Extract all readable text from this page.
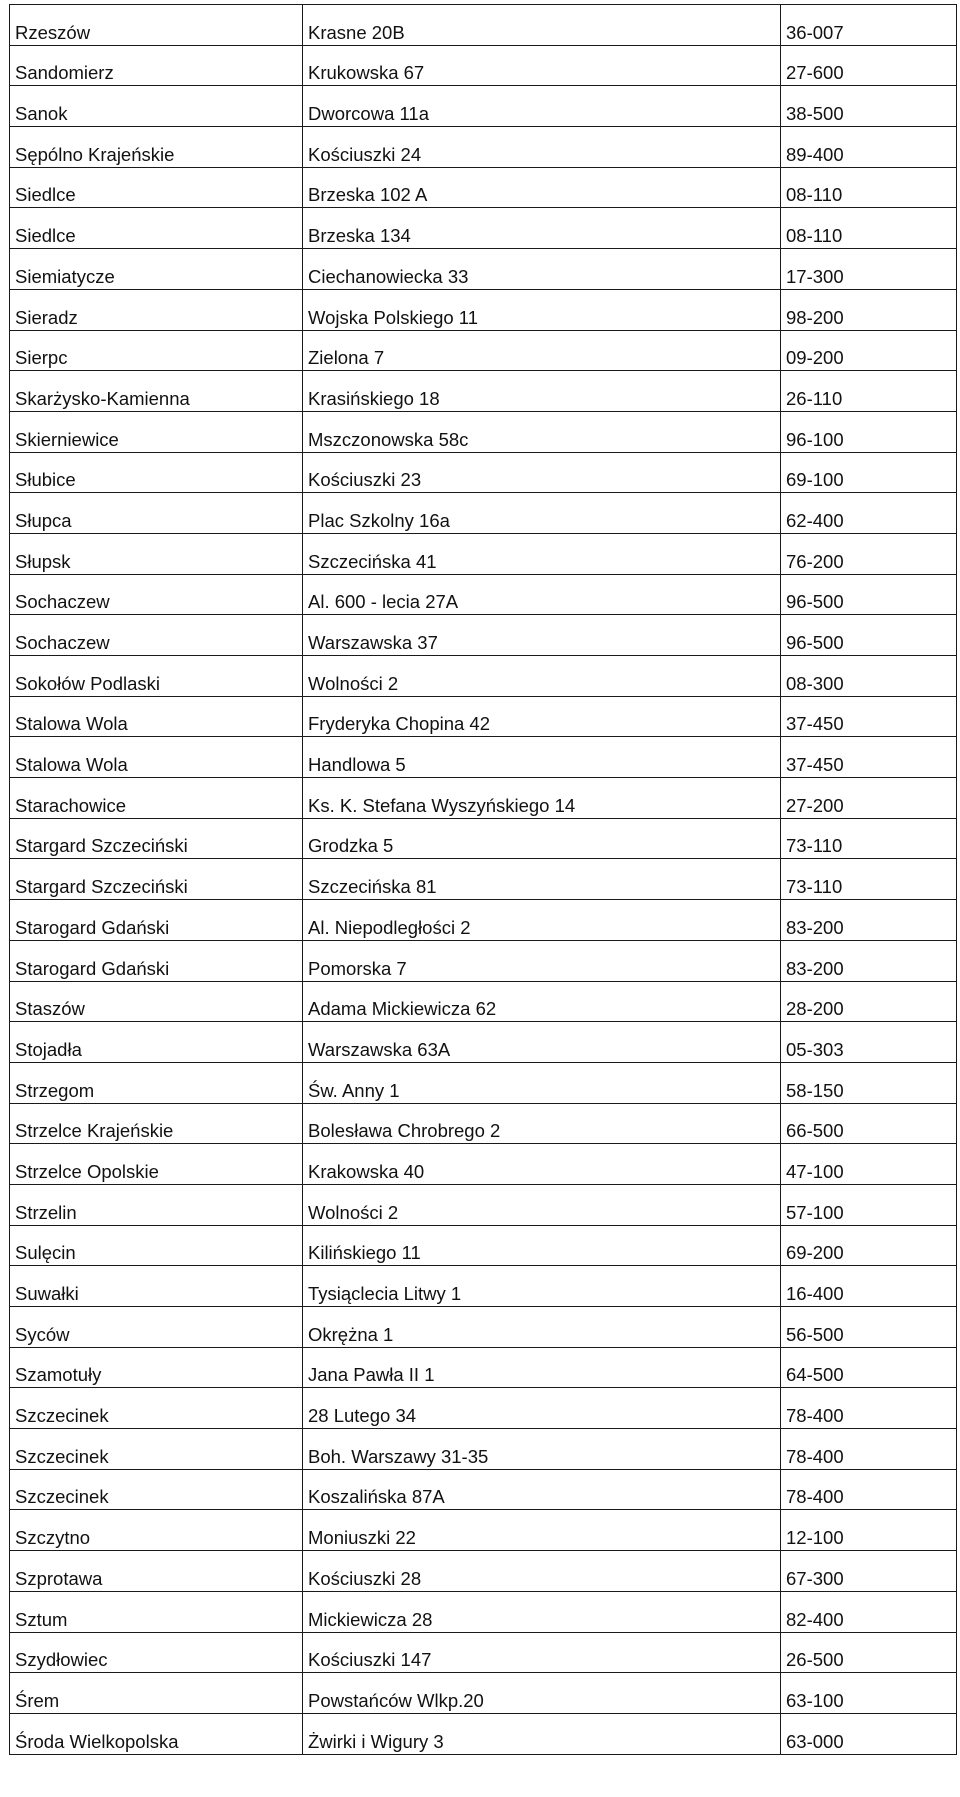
Rzeszów	Krasne 20B	36-007
Sandomierz	Krukowska 67	27-600
Sanok	Dworcowa 11a	38-500
Sępólno Krajeńskie	Kościuszki 24	89-400
Siedlce	Brzeska 102 A	08-110
Siedlce	Brzeska 134	08-110
Siemiatycze	Ciechanowiecka 33	17-300
Sieradz	Wojska Polskiego 11	98-200
Sierpc	Zielona 7	09-200
Skarżysko-Kamienna	Krasińskiego 18	26-110
Skierniewice	Mszczonowska 58c	96-100
Słubice	Kościuszki 23	69-100
Słupca	Plac Szkolny 16a	62-400
Słupsk	Szczecińska 41	76-200
Sochaczew	Al. 600 - lecia 27A	96-500
Sochaczew	Warszawska 37	96-500
Sokołów Podlaski	Wolności 2	08-300
Stalowa Wola	Fryderyka Chopina 42	37-450
Stalowa Wola	Handlowa 5	37-450
Starachowice	Ks. K. Stefana Wyszyńskiego 14	27-200
Stargard Szczeciński	Grodzka 5	73-110
Stargard Szczeciński	Szczecińska 81	73-110
Starogard Gdański	Al. Niepodległości 2	83-200
Starogard Gdański	Pomorska 7	83-200
Staszów	Adama Mickiewicza 62	28-200
Stojadła	Warszawska 63A	05-303
Strzegom	Św. Anny 1	58-150
Strzelce Krajeńskie	Bolesława Chrobrego 2	66-500
Strzelce Opolskie	Krakowska 40	47-100
Strzelin	Wolności 2	57-100
Sulęcin	Kilińskiego 11	69-200
Suwałki	Tysiąclecia Litwy 1	16-400
Syców	Okrężna 1	56-500
Szamotuły	Jana Pawła II 1	64-500
Szczecinek	28 Lutego 34	78-400
Szczecinek	Boh. Warszawy 31-35	78-400
Szczecinek	Koszalińska 87A	78-400
Szczytno	Moniuszki 22	12-100
Szprotawa	Kościuszki 28	67-300
Sztum	Mickiewicza 28	82-400
Szydłowiec	Kościuszki 147	26-500
Śrem	Powstańców Wlkp.20	63-100
Środa Wielkopolska	Żwirki i Wigury 3	63-000
